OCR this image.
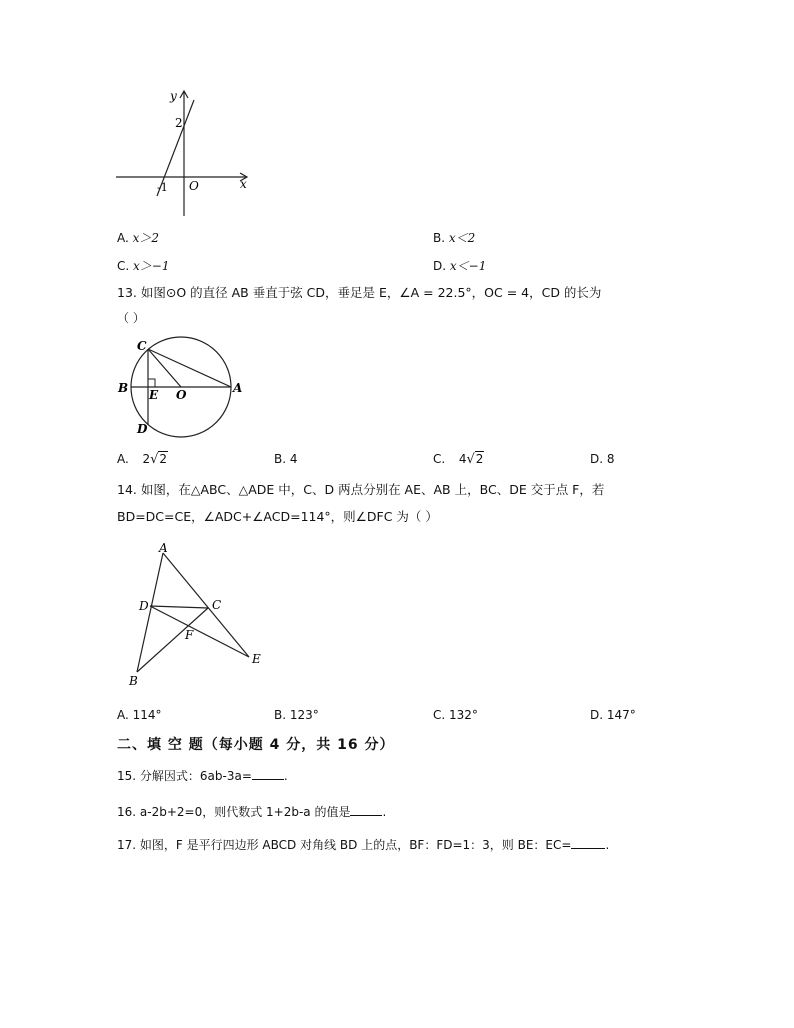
y
x
O
2
-1
A. x＞2	B. x＜2
C. x＞−1	D. x＜−1
13. 如图⊙O 的直径 AB 垂直于弦 CD，垂足是 E，∠A = 22.5°，OC = 4，CD 的长为
（ ）
C
B E O	A
D
A. 2√2	B. 4	C. 4√2	D. 8
14. 如图，在△ABC、△ADE 中，C、D 两点分别在 AE、AB 上，BC、DE 交于点 F，若
BD=DC=CE，∠ADC+∠ACD=114°，则∠DFC 为（ ）
A
D	C
F
E
B
A. 114°	B. 123°	C. 132°	D. 147°
二、填 空 题（每小题 4 分，共 16 分）
15. 分解因式：6ab-3a=	.
16. a-2b+2=0，则代数式 1+2b-a 的值是	.
17. 如图，F 是平行四边形 ABCD 对角线 BD 上的点，BF：FD=1：3，则 BE：EC=	.
